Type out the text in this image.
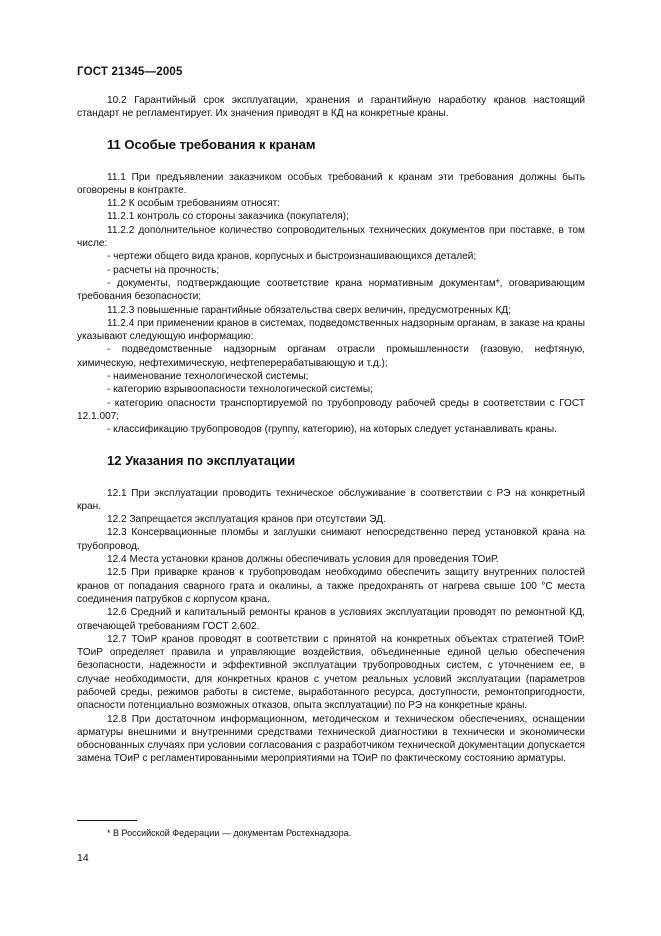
ГОСТ 21345—2005

10.2 Гарантийный срок эксплуатации, хранения и гарантийную наработку кранов настоящий стандарт не регламентирует. Их значения приводят в КД на конкретные краны.

11 Особые требования к кранам

11.1 При предъявлении заказчиком особых требований к кранам эти требования должны быть оговорены в контракте.

11.2 К особым требованиям относят:

11.2.1 контроль со стороны заказчика (покупателя);

11.2.2 дополнительное количество сопроводительных технических документов при поставке, в том числе:

- чертежи общего вида кранов, корпусных и быстроизнашивающихся деталей;

- расчеты на прочность;

- документы, подтверждающие соответствие крана нормативным документам*, оговаривающим требования безопасности;

11.2.3 повышенные гарантийные обязательства сверх величин, предусмотренных КД;

11.2.4 при применении кранов в системах, подведомственных надзорным органам, в заказе на краны указывают следующую информацию:

- подведомственные надзорным органам отрасли промышленности (газовую, нефтяную, химическую, нефтехимическую, нефтеперерабатывающую и т.д.);

- наименование технологической системы;

- категорию взрывоопасности технологической системы;

- категорию опасности транспортируемой по трубопроводу рабочей среды в соответствии с ГОСТ 12.1.007;

- классификацию трубопроводов (группу, категорию), на которых следует устанавливать краны.

12 Указания по эксплуатации

12.1 При эксплуатации проводить техническое обслуживание в соответствии с РЭ на конкретный кран.

12.2 Запрещается эксплуатация кранов при отсутствии ЭД.

12.3 Консервационные пломбы и заглушки снимают непосредственно перед установкой крана на трубопровод.

12.4 Места установки кранов должны обеспечивать условия для проведения ТОиР.

12.5 При приварке кранов к трубопроводам необходимо обеспечить защиту внутренних полостей кранов от попадания сварного грата и окалины, а также предохранять от нагрева свыше 100 °С места соединения патрубков с корпусом крана.

12.6 Средний и капитальный ремонты кранов в условиях эксплуатации проводят по ремонтной КД, отвечающей требованиям ГОСТ 2.602.

12.7 ТОиР кранов проводят в соответствии с принятой на конкретных объектах стратегией ТОиР. ТОиР определяет правила и управляющие воздействия, объединенные единой целью обеспечения безопасности, надежности и эффективной эксплуатации трубопроводных систем, с уточнением ее, в случае необходимости, для конкретных кранов с учетом реальных условий эксплуатации (параметров рабочей среды, режимов работы в системе, выработанного ресурса, доступности, ремонтопригодности, опасности потенциально возможных отказов, опыта эксплуатации) по РЭ на конкретные краны.

12.8 При достаточном информационном, методическом и техническом обеспечениях, оснащении арматуры внешними и внутренними средствами технической диагностики в технически и экономически обоснованных случаях при условии согласования с разработчиком технической документации допускается замена ТОиР с регламентированными мероприятиями на ТОиР по фактическому состоянию арматуры.

* В Российской Федерации — документам Ростехнадзора.
14
